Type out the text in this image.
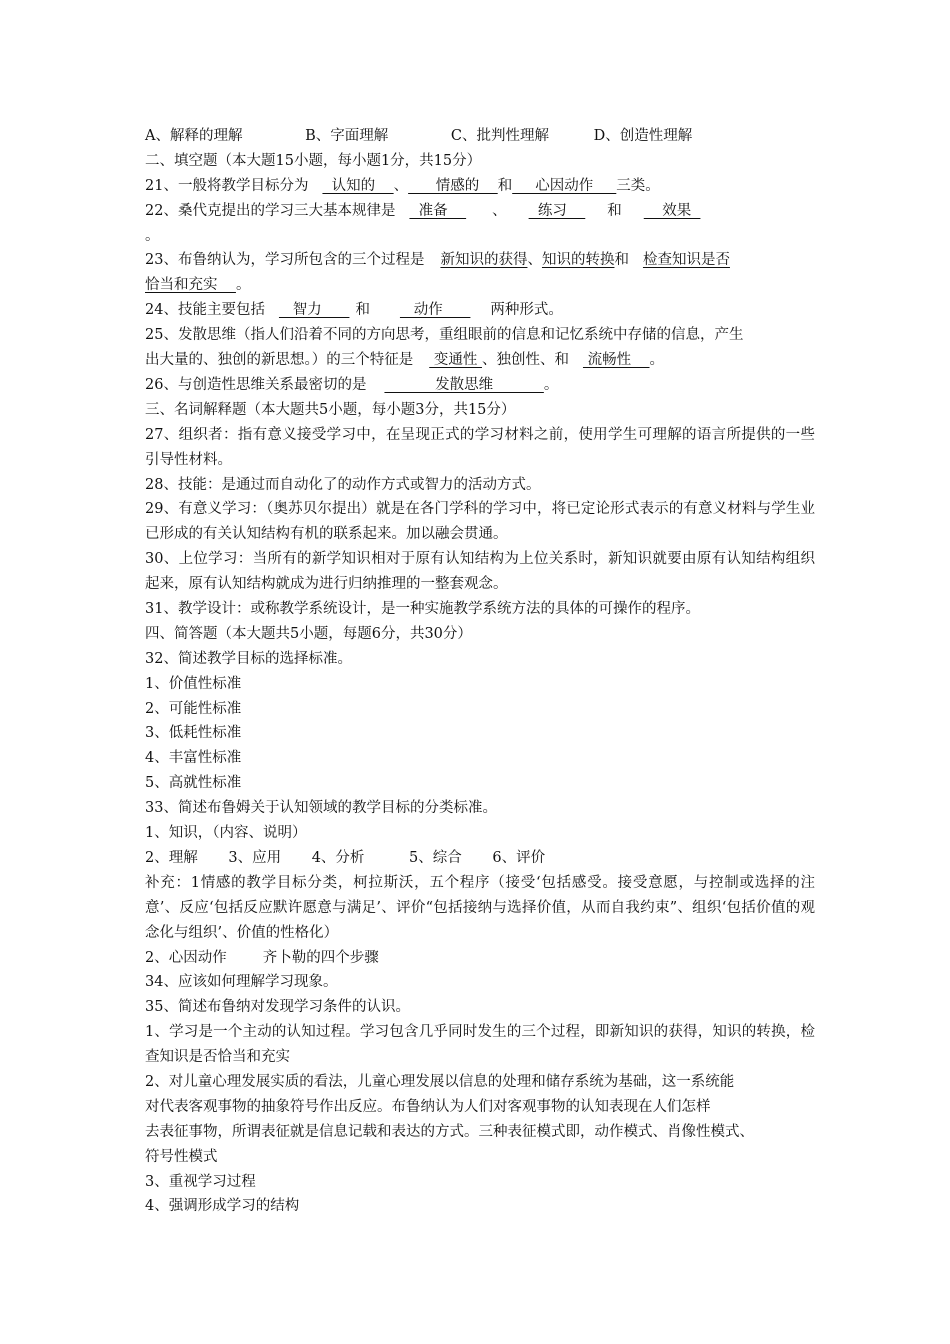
A、解释的理解	B、字面理解	C、批判性理解	D、创造性理解
二、填空题（本大题15小题，每小题1分，共15分）
21、一般将教学目标分为  认知的    、      情感的    和     心因动作     三类。
22、桑代克提出的学习三大基本规律是  准备    、  练习    和    效果
。
23、布鲁纳认为，学习所包含的三个过程是 新知识的获得、知识的转换和 检查知识是否
恰当和充实    。
24、技能主要包括   智力      和   动作      两种形式。
25、发散思维（指人们沿着不同的方向思考，重组眼前的信息和记忆系统中存储的信息，产生
出大量的、独创的新思想。）的三个特征是 变通性 、独创性、和 流畅性    。
26、与创造性思维关系最密切的是           发散思维           。
三、名词解释题（本大题共5小题，每小题3分，共15分）
27、组织者：指有意义接受学习中，在呈现正式的学习材料之前，使用学生可理解的语言所提供的一些引导性材料。
28、技能：是通过而自动化了的动作方式或智力的活动方式。
29、有意义学习：（奥苏贝尔提出）就是在各门学科的学习中，将已定论形式表示的有意义材料与学生业已形成的有关认知结构有机的联系起来。加以融会贯通。
30、上位学习：当所有的新学知识相对于原有认知结构为上位关系时，新知识就要由原有认知结构组织起来，原有认知结构就成为进行归纳推理的一整套观念。
31、教学设计：或称教学系统设计，是一种实施教学系统方法的具体的可操作的程序。
四、简答题（本大题共5小题，每题6分，共30分）
32、简述教学目标的选择标准。
1、价值性标准
2、可能性标准
3、低耗性标准
4、丰富性标准
5、高就性标准
33、简述布鲁姆关于认知领域的教学目标的分类标准。
1、知识，（内容、说明）
2、理解 3、应用 4、分析	5、综合 6、评价
补充：1情感的教学目标分类，柯拉斯沃，五个程序（接受‘包括感受。接受意愿，与控制或选择的注意’、反应‘包括反应默许愿意与满足’、评价“包括接纳与选择价值，从而自我约束”、组织‘包括价值的观念化与组织’、价值的性格化）
2、心因动作 齐卜勒的四个步骤
34、应该如何理解学习现象。
35、简述布鲁纳对发现学习条件的认识。
1、学习是一个主动的认知过程。学习包含几乎同时发生的三个过程，即新知识的获得，知识的转换，检查知识是否恰当和充实
2、对儿童心理发展实质的看法，儿童心理发展以信息的处理和储存系统为基础，这一系统能
对代表客观事物的抽象符号作出反应。布鲁纳认为人们对客观事物的认知表现在人们怎样
去表征事物，所谓表征就是信息记载和表达的方式。三种表征模式即，动作模式、肖像性模式、
符号性模式
3、重视学习过程
4、强调形成学习的结构
